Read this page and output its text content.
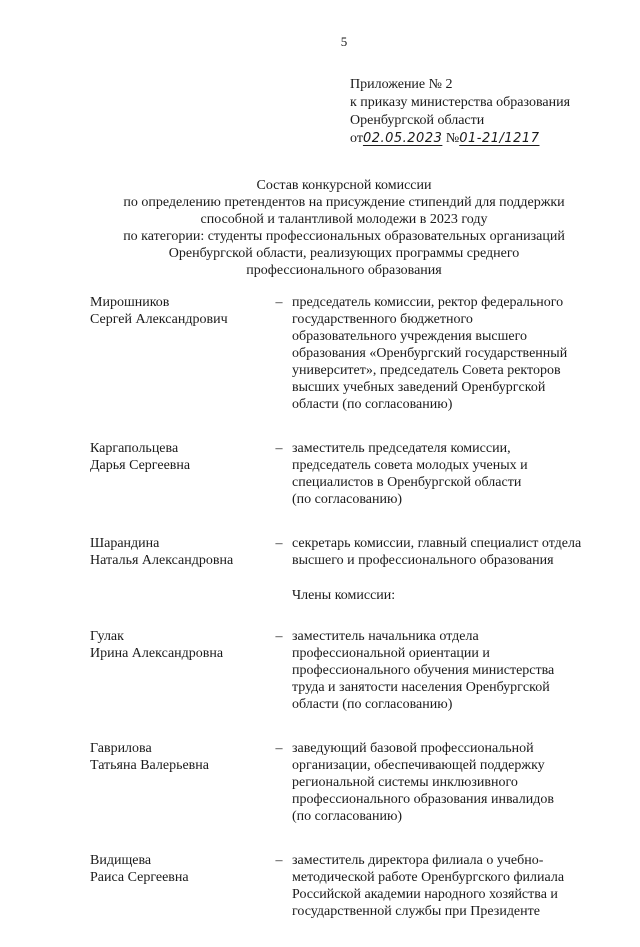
5
Приложение № 2
к приказу министерства образования
Оренбургской области
от02.05.2023 №01-21/1217
Состав конкурсной комиссии
по определению претендентов на присуждение стипендий для поддержки
способной и талантливой молодежи в 2023 году
по категории: студенты профессиональных образовательных организаций
Оренбургской области, реализующих программы среднего
профессионального образования
Мирошников
Сергей Александрович
– председатель комиссии, ректор федерального
государственного бюджетного
образовательного учреждения высшего
образования «Оренбургский государственный
университет», председатель Совета ректоров
высших учебных заведений Оренбургской
области (по согласованию)
Каргапольцева
Дарья Сергеевна
– заместитель председателя комиссии,
председатель совета молодых ученых и
специалистов в Оренбургской области
(по согласованию)
Шарандина
Наталья Александровна
– секретарь комиссии, главный специалист отдела
высшего и профессионального образования
Члены комиссии:
Гулак
Ирина Александровна
– заместитель начальника отдела
профессиональной ориентации и
профессионального обучения министерства
труда и занятости населения Оренбургской
области (по согласованию)
Гаврилова
Татьяна Валерьевна
– заведующий базовой профессиональной
организации, обеспечивающей поддержку
региональной системы инклюзивного
профессионального образования инвалидов
(по согласованию)
Видищева
Раиса Сергеевна
– заместитель директора филиала о учебно-
методической работе Оренбургского филиала
Российской академии народного хозяйства и
государственной службы при Президенте
